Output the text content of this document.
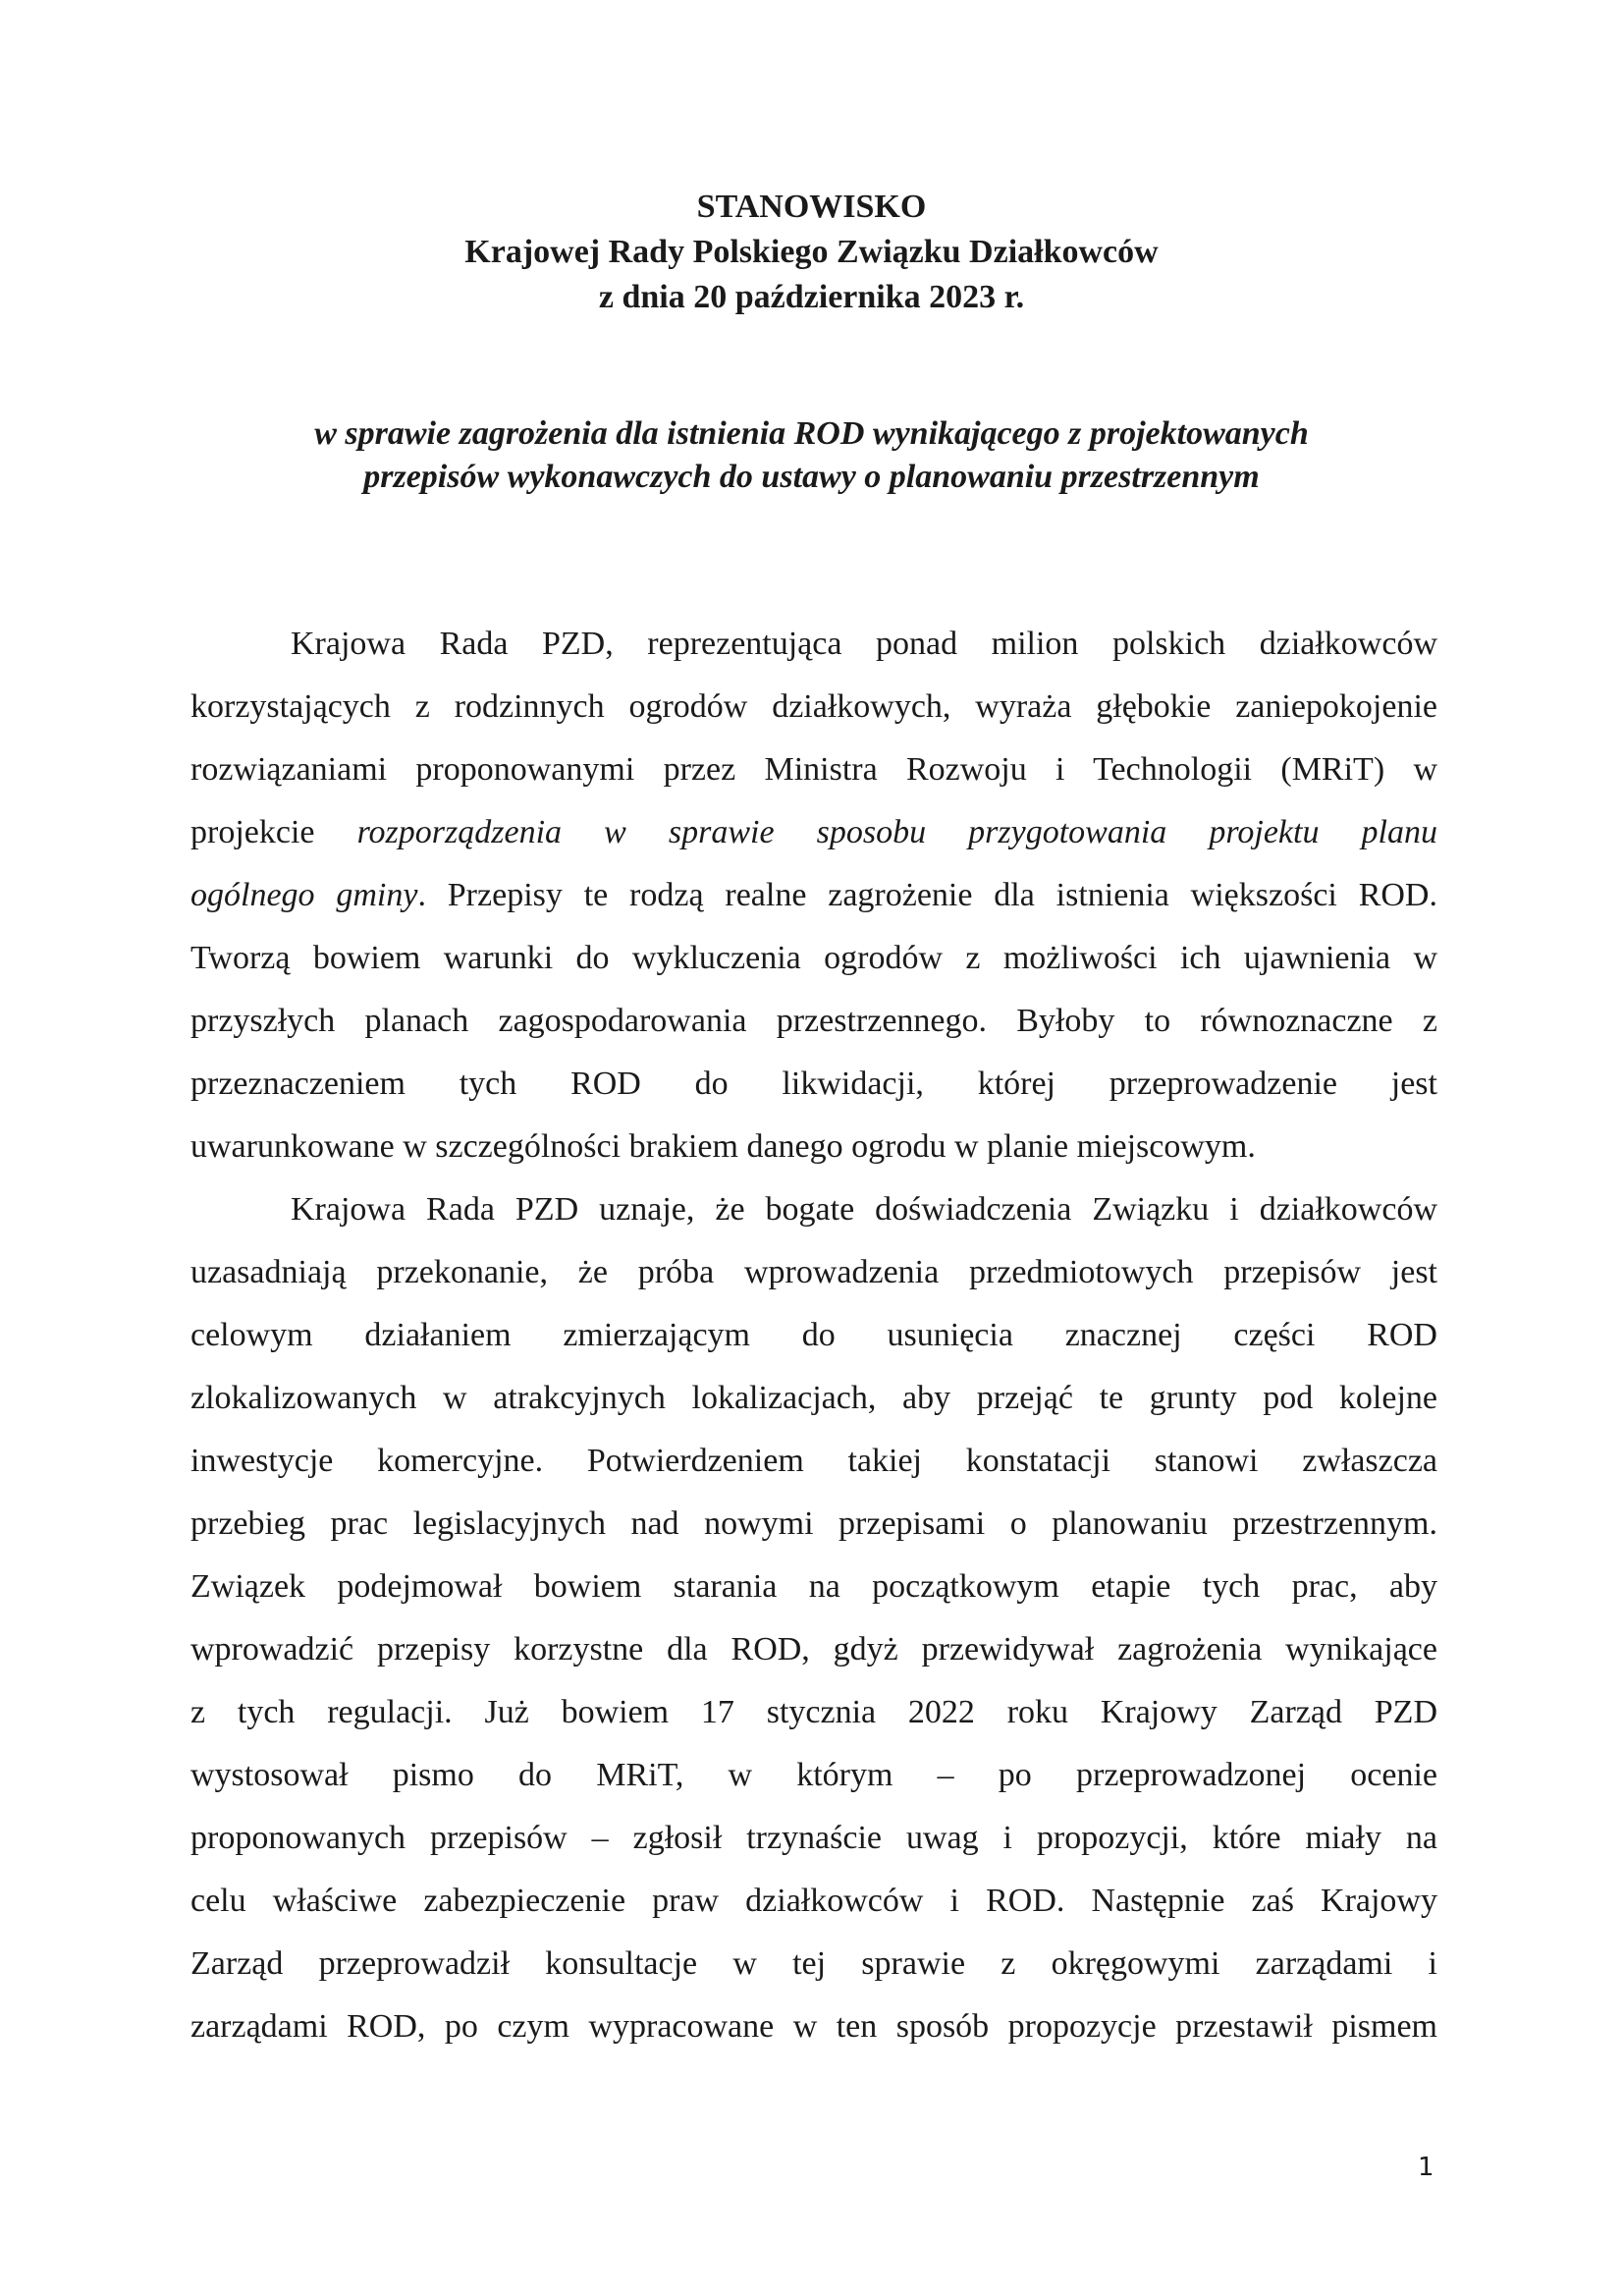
STANOWISKO
Krajowej Rady Polskiego Związku Działkowców
z dnia 20 października 2023 r.
w sprawie zagrożenia dla istnienia ROD wynikającego z projektowanych
przepisów wykonawczych do ustawy o planowaniu przestrzennym
Krajowa Rada PZD, reprezentująca ponad milion polskich działkowców
korzystających z rodzinnych ogrodów działkowych, wyraża głębokie zaniepokojenie
rozwiązaniami proponowanymi przez Ministra Rozwoju i Technologii (MRiT) w
projekcie rozporządzenia w sprawie sposobu przygotowania projektu planu
ogólnego gminy. Przepisy te rodzą realne zagrożenie dla istnienia większości ROD.
Tworzą bowiem warunki do wykluczenia ogrodów z możliwości ich ujawnienia w
przyszłych planach zagospodarowania przestrzennego. Byłoby to równoznaczne z
przeznaczeniem tych ROD do likwidacji, której przeprowadzenie jest
uwarunkowane w szczególności brakiem danego ogrodu w planie miejscowym.
Krajowa Rada PZD uznaje, że bogate doświadczenia Związku i działkowców
uzasadniają przekonanie, że próba wprowadzenia przedmiotowych przepisów jest
celowym działaniem zmierzającym do usunięcia znacznej części ROD
zlokalizowanych w atrakcyjnych lokalizacjach, aby przejąć te grunty pod kolejne
inwestycje komercyjne. Potwierdzeniem takiej konstatacji stanowi zwłaszcza
przebieg prac legislacyjnych nad nowymi przepisami o planowaniu przestrzennym.
Związek podejmował bowiem starania na początkowym etapie tych prac, aby
wprowadzić przepisy korzystne dla ROD, gdyż przewidywał zagrożenia wynikające
z tych regulacji. Już bowiem 17 stycznia 2022 roku Krajowy Zarząd PZD
wystosował pismo do MRiT, w którym – po przeprowadzonej ocenie
proponowanych przepisów – zgłosił trzynaście uwag i propozycji, które miały na
celu właściwe zabezpieczenie praw działkowców i ROD. Następnie zaś Krajowy
Zarząd przeprowadził konsultacje w tej sprawie z okręgowymi zarządami i
zarządami ROD, po czym wypracowane w ten sposób propozycje przestawił pismem
1
